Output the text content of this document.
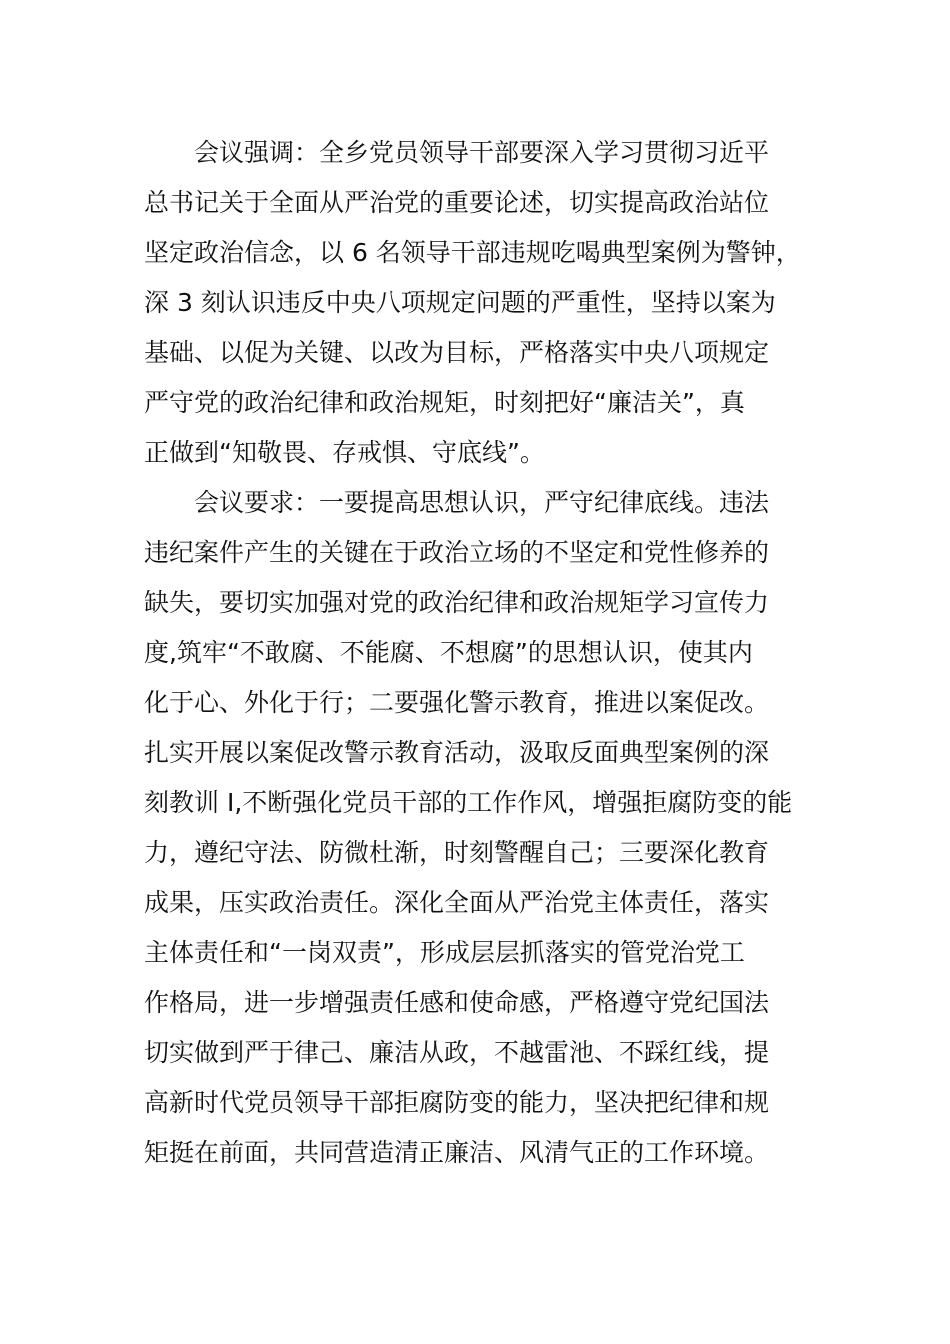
会议强调：全乡党员领导干部要深入学习贯彻习近平
总书记关于全面从严治党的重要论述，切实提高政治站位
坚定政治信念，以 6 名领导干部违规吃喝典型案例为警钟，
深 3 刻认识违反中央八项规定问题的严重性，坚持以案为
基础、以促为关键、以改为目标，严格落实中央八项规定
严守党的政治纪律和政治规矩，时刻把好“廉洁关”，真
正做到“知敬畏、存戒惧、守底线”。
会议要求：一要提高思想认识，严守纪律底线。违法
违纪案件产生的关键在于政治立场的不坚定和党性修养的
缺失，要切实加强对党的政治纪律和政治规矩学习宣传力
度,筑牢“不敢腐、不能腐、不想腐”的思想认识，使其内
化于心、外化于行；二要强化警示教育，推进以案促改。
扎实开展以案促改警示教育活动，汲取反面典型案例的深
刻教训 I,不断强化党员干部的工作作风，增强拒腐防变的能
力，遵纪守法、防微杜渐，时刻警醒自己；三要深化教育
成果，压实政治责任。深化全面从严治党主体责任，落实
主体责任和“一岗双责”，形成层层抓落实的管党治党工
作格局，进一步增强责任感和使命感，严格遵守党纪国法
切实做到严于律己、廉洁从政，不越雷池、不踩红线，提
高新时代党员领导干部拒腐防变的能力，坚决把纪律和规
矩挺在前面，共同营造清正廉洁、风清气正的工作环境。
